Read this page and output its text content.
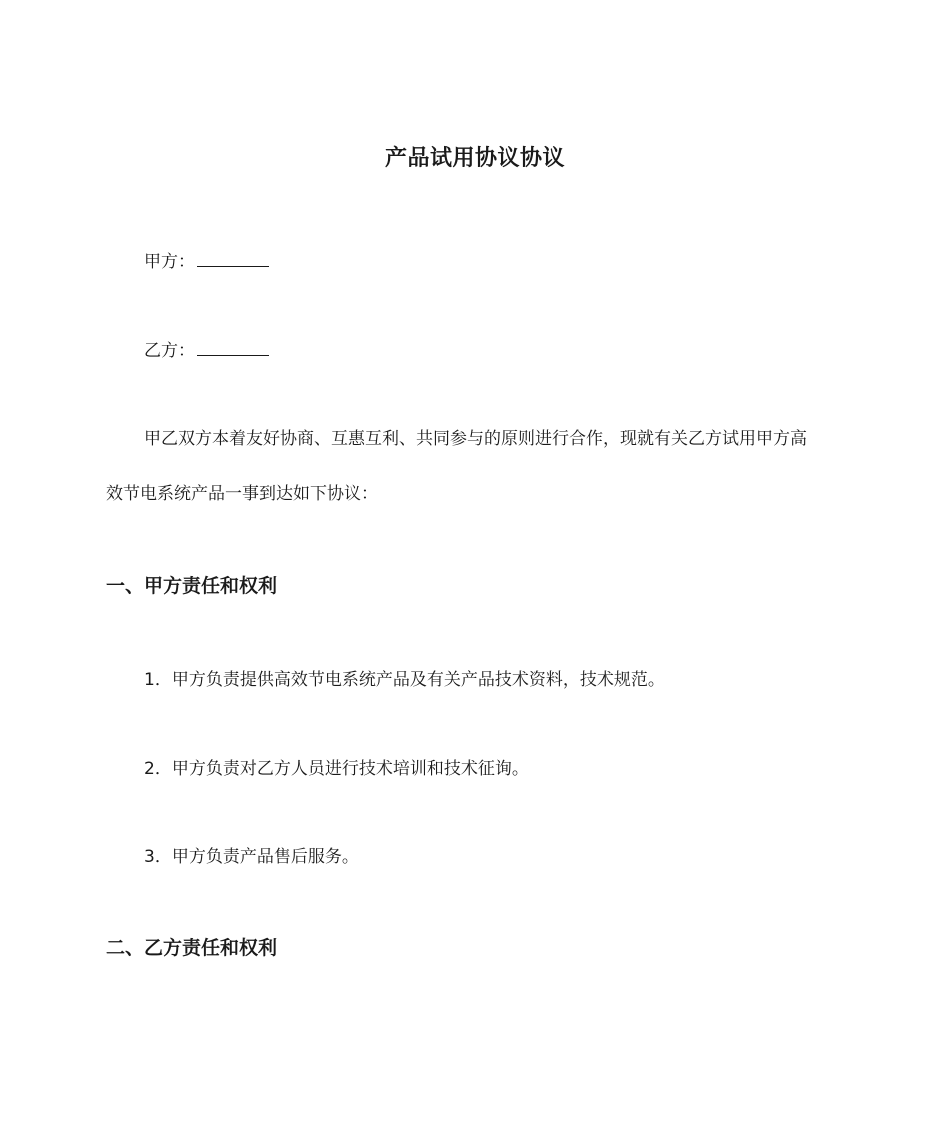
产品试用协议协议
甲方：
乙方：
甲乙双方本着友好协商、互惠互利、共同参与的原则进行合作，现就有关乙方试用甲方高
效节电系统产品一事到达如下协议：
一、甲方责任和权利
1．甲方负责提供高效节电系统产品及有关产品技术资料，技术规范。
2．甲方负责对乙方人员进行技术培训和技术征询。
3．甲方负责产品售后服务。
二、乙方责任和权利
